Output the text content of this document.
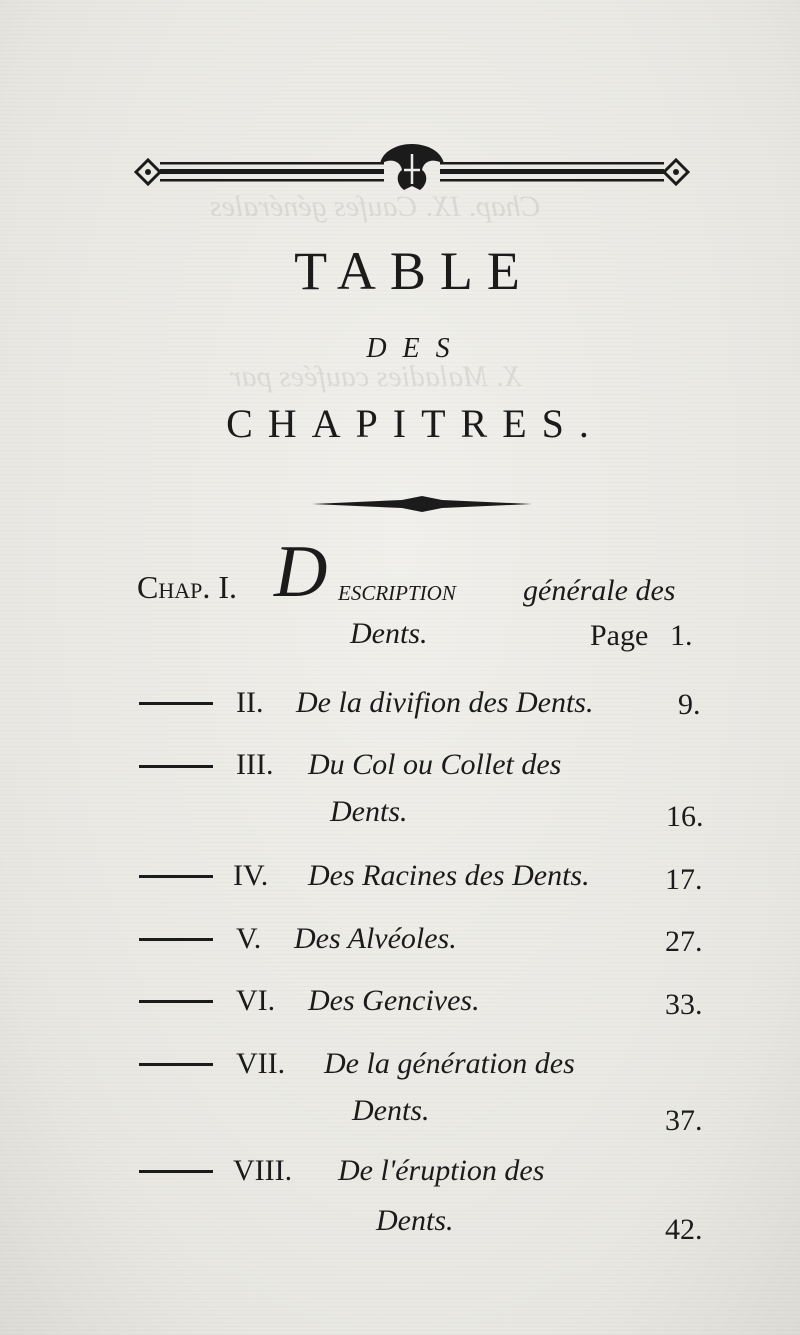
Chap. IX. Caufes générales
X. Maladies caufées par
TABLE
DES
CHAPITRES.
Chap. I. D escription générale des
Dents.	Page 1.
II. De la divifion des Dents.	9.
III. Du Col ou Collet des
Dents.	16.
IV. Des Racines des Dents.	17.
V. Des Alvéoles.	27.
VI. Des Gencives.	33.
VII. De la génération des
Dents.	37.
VIII. De l'éruption des
Dents.	42.
